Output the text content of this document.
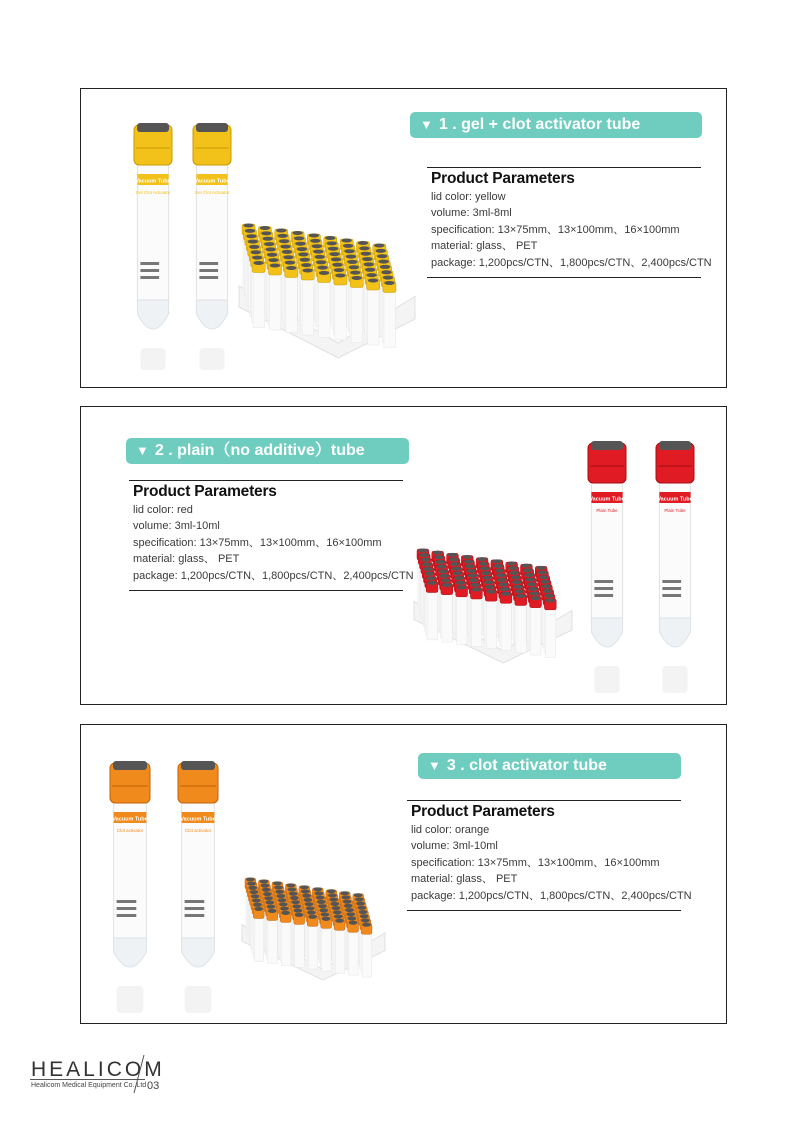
▼ 1 . gel + clot activator tube
Product Parameters
lid color: yellow
volume: 3ml-8ml
specification: 13×75mm、13×100mm、16×100mm
material: glass、 PET
package: 1,200pcs/CTN、1,800pcs/CTN、2,400pcs/CTN
Vacuum Tube
Gel Clot Activator
Vacuum Tube
Gel Clot Activator
▼ 2 . plain（no additive）tube
Product Parameters
lid color: red
volume: 3ml-10ml
specification: 13×75mm、13×100mm、16×100mm
material: glass、 PET
package: 1,200pcs/CTN、1,800pcs/CTN、2,400pcs/CTN
Vacuum Tube
Plain Tube
Vacuum Tube
Plain Tube
▼ 3 . clot activator tube
Product Parameters
lid color: orange
volume: 3ml-10ml
specification: 13×75mm、13×100mm、16×100mm
material: glass、 PET
package: 1,200pcs/CTN、1,800pcs/CTN、2,400pcs/CTN
Vacuum Tube
Clot activator
Vacuum Tube
Clot activator
HEALICOM
Healicom Medical Equipment Co.,Ltd 03
